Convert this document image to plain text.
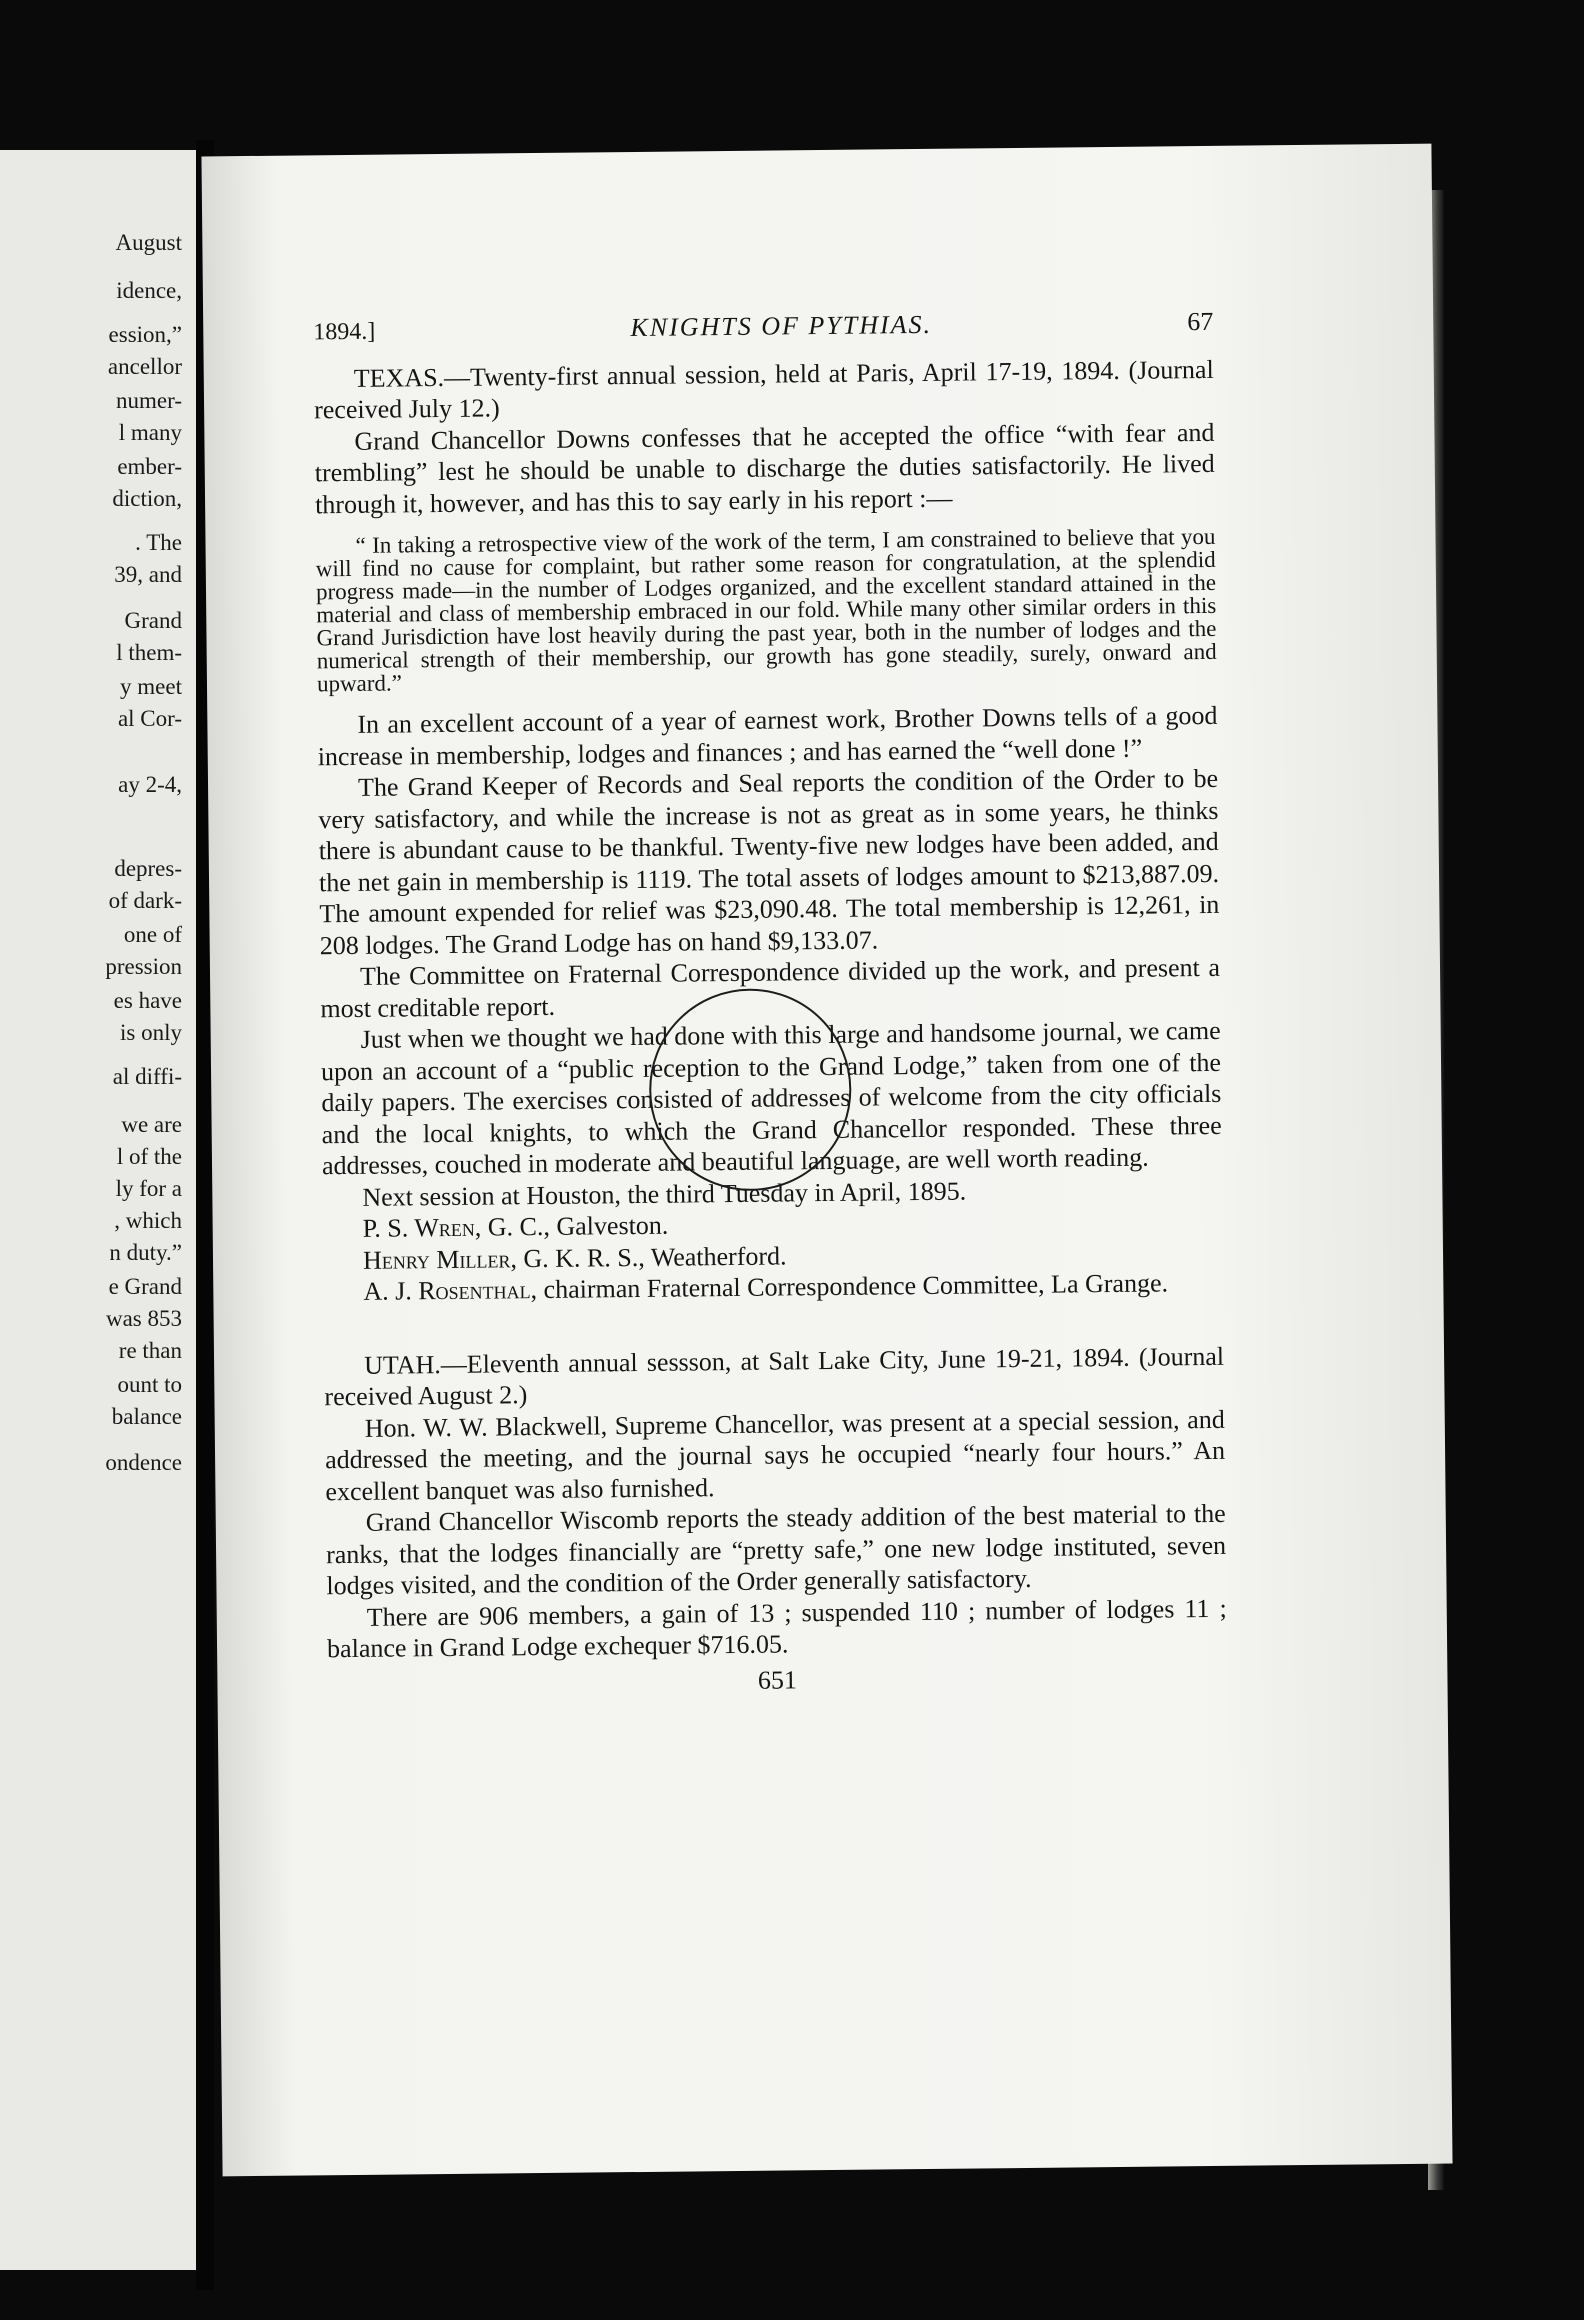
August

idence,

ession,”

ancellor

numer-

l many

ember-

diction,

. The

39, and

Grand

l them-

y meet

al Cor-

ay 2-4,

depres-

of dark-

one of

pression

es have

is only

al diffi-

we are

l of the

ly for a

, which

n duty.”

e Grand

was 853

re than

ount to

balance

ondence

1894.]	KNIGHTS OF PYTHIAS.	67

TEXAS.—Twenty-first annual session, held at Paris, April 17-19, 1894. (Journal received July 12.)

Grand Chancellor Downs confesses that he accepted the office “with fear and trembling” lest he should be unable to discharge the duties satisfactorily. He lived through it, however, and has this to say early in his report :—

“ In taking a retrospective view of the work of the term, I am constrained to believe that you will find no cause for complaint, but rather some reason for congratulation, at the splendid progress made—in the number of Lodges organized, and the excellent standard attained in the material and class of membership embraced in our fold. While many other similar orders in this Grand Jurisdiction have lost heavily during the past year, both in the number of lodges and the numerical strength of their membership, our growth has gone steadily, surely, onward and upward.”

In an excellent account of a year of earnest work, Brother Downs tells of a good increase in membership, lodges and finances ; and has earned the “well done !”

The Grand Keeper of Records and Seal reports the condition of the Order to be very satisfactory, and while the increase is not as great as in some years, he thinks there is abundant cause to be thankful. Twenty-five new lodges have been added, and the net gain in membership is 1119. The total assets of lodges amount to $213,887.09. The amount expended for relief was $23,090.48. The total membership is 12,261, in 208 lodges. The Grand Lodge has on hand $9,133.07.

The Committee on Fraternal Correspondence divided up the work, and present a most creditable report.

Just when we thought we had done with this large and handsome journal, we came upon an account of a “public reception to the Grand Lodge,” taken from one of the daily papers. The exercises consisted of addresses of welcome from the city officials and the local knights, to which the Grand Chancellor responded. These three addresses, couched in moderate and beautiful language, are well worth reading.

Next session at Houston, the third Tuesday in April, 1895.

P. S. Wren, G. C., Galveston.

Henry Miller, G. K. R. S., Weatherford.

A. J. Rosenthal, chairman Fraternal Correspondence Committee, La Grange.

UTAH.—Eleventh annual sessson, at Salt Lake City, June 19-21, 1894. (Journal received August 2.)

Hon. W. W. Blackwell, Supreme Chancellor, was present at a special session, and addressed the meeting, and the journal says he occupied “nearly four hours.” An excellent banquet was also furnished.

Grand Chancellor Wiscomb reports the steady addition of the best material to the ranks, that the lodges financially are “pretty safe,” one new lodge instituted, seven lodges visited, and the condition of the Order generally satisfactory.

There are 906 members, a gain of 13 ; suspended 110 ; number of lodges 11 ; balance in Grand Lodge exchequer $716.05.

651
